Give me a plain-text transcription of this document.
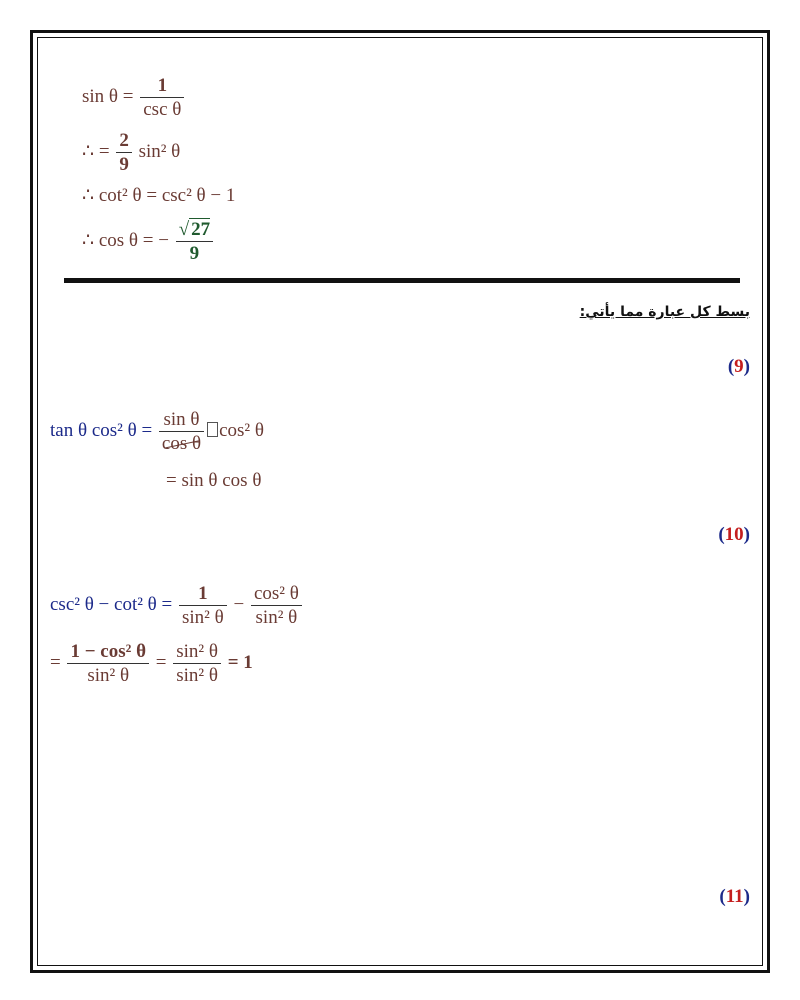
$\sin \theta = \frac{1}{\text{csc θ}}$
∴ = $\frac{2}{9} \sin^2$ θ
∴ cot² θ = csc² θ − 1
∴ cos θ = − $\frac{√ 27}{9}$
بسط كل عبارة مما يأتي:
(9)
tan θ cos² $\theta = \frac{\text{sin θ}}{\text{cos θ}} \cos^2$ θ
= sin θ cos θ
(10)
csc² θ − cot² $\theta = \frac{1}{\text{sin² θ}} - \frac{\text{cos² θ}}{\text{sin² θ}}$
= $\frac{\text{1 − cos² θ}}{\text{sin² θ}} = \frac{\text{sin² θ}}{\text{sin² θ}} = 1$
(11)
